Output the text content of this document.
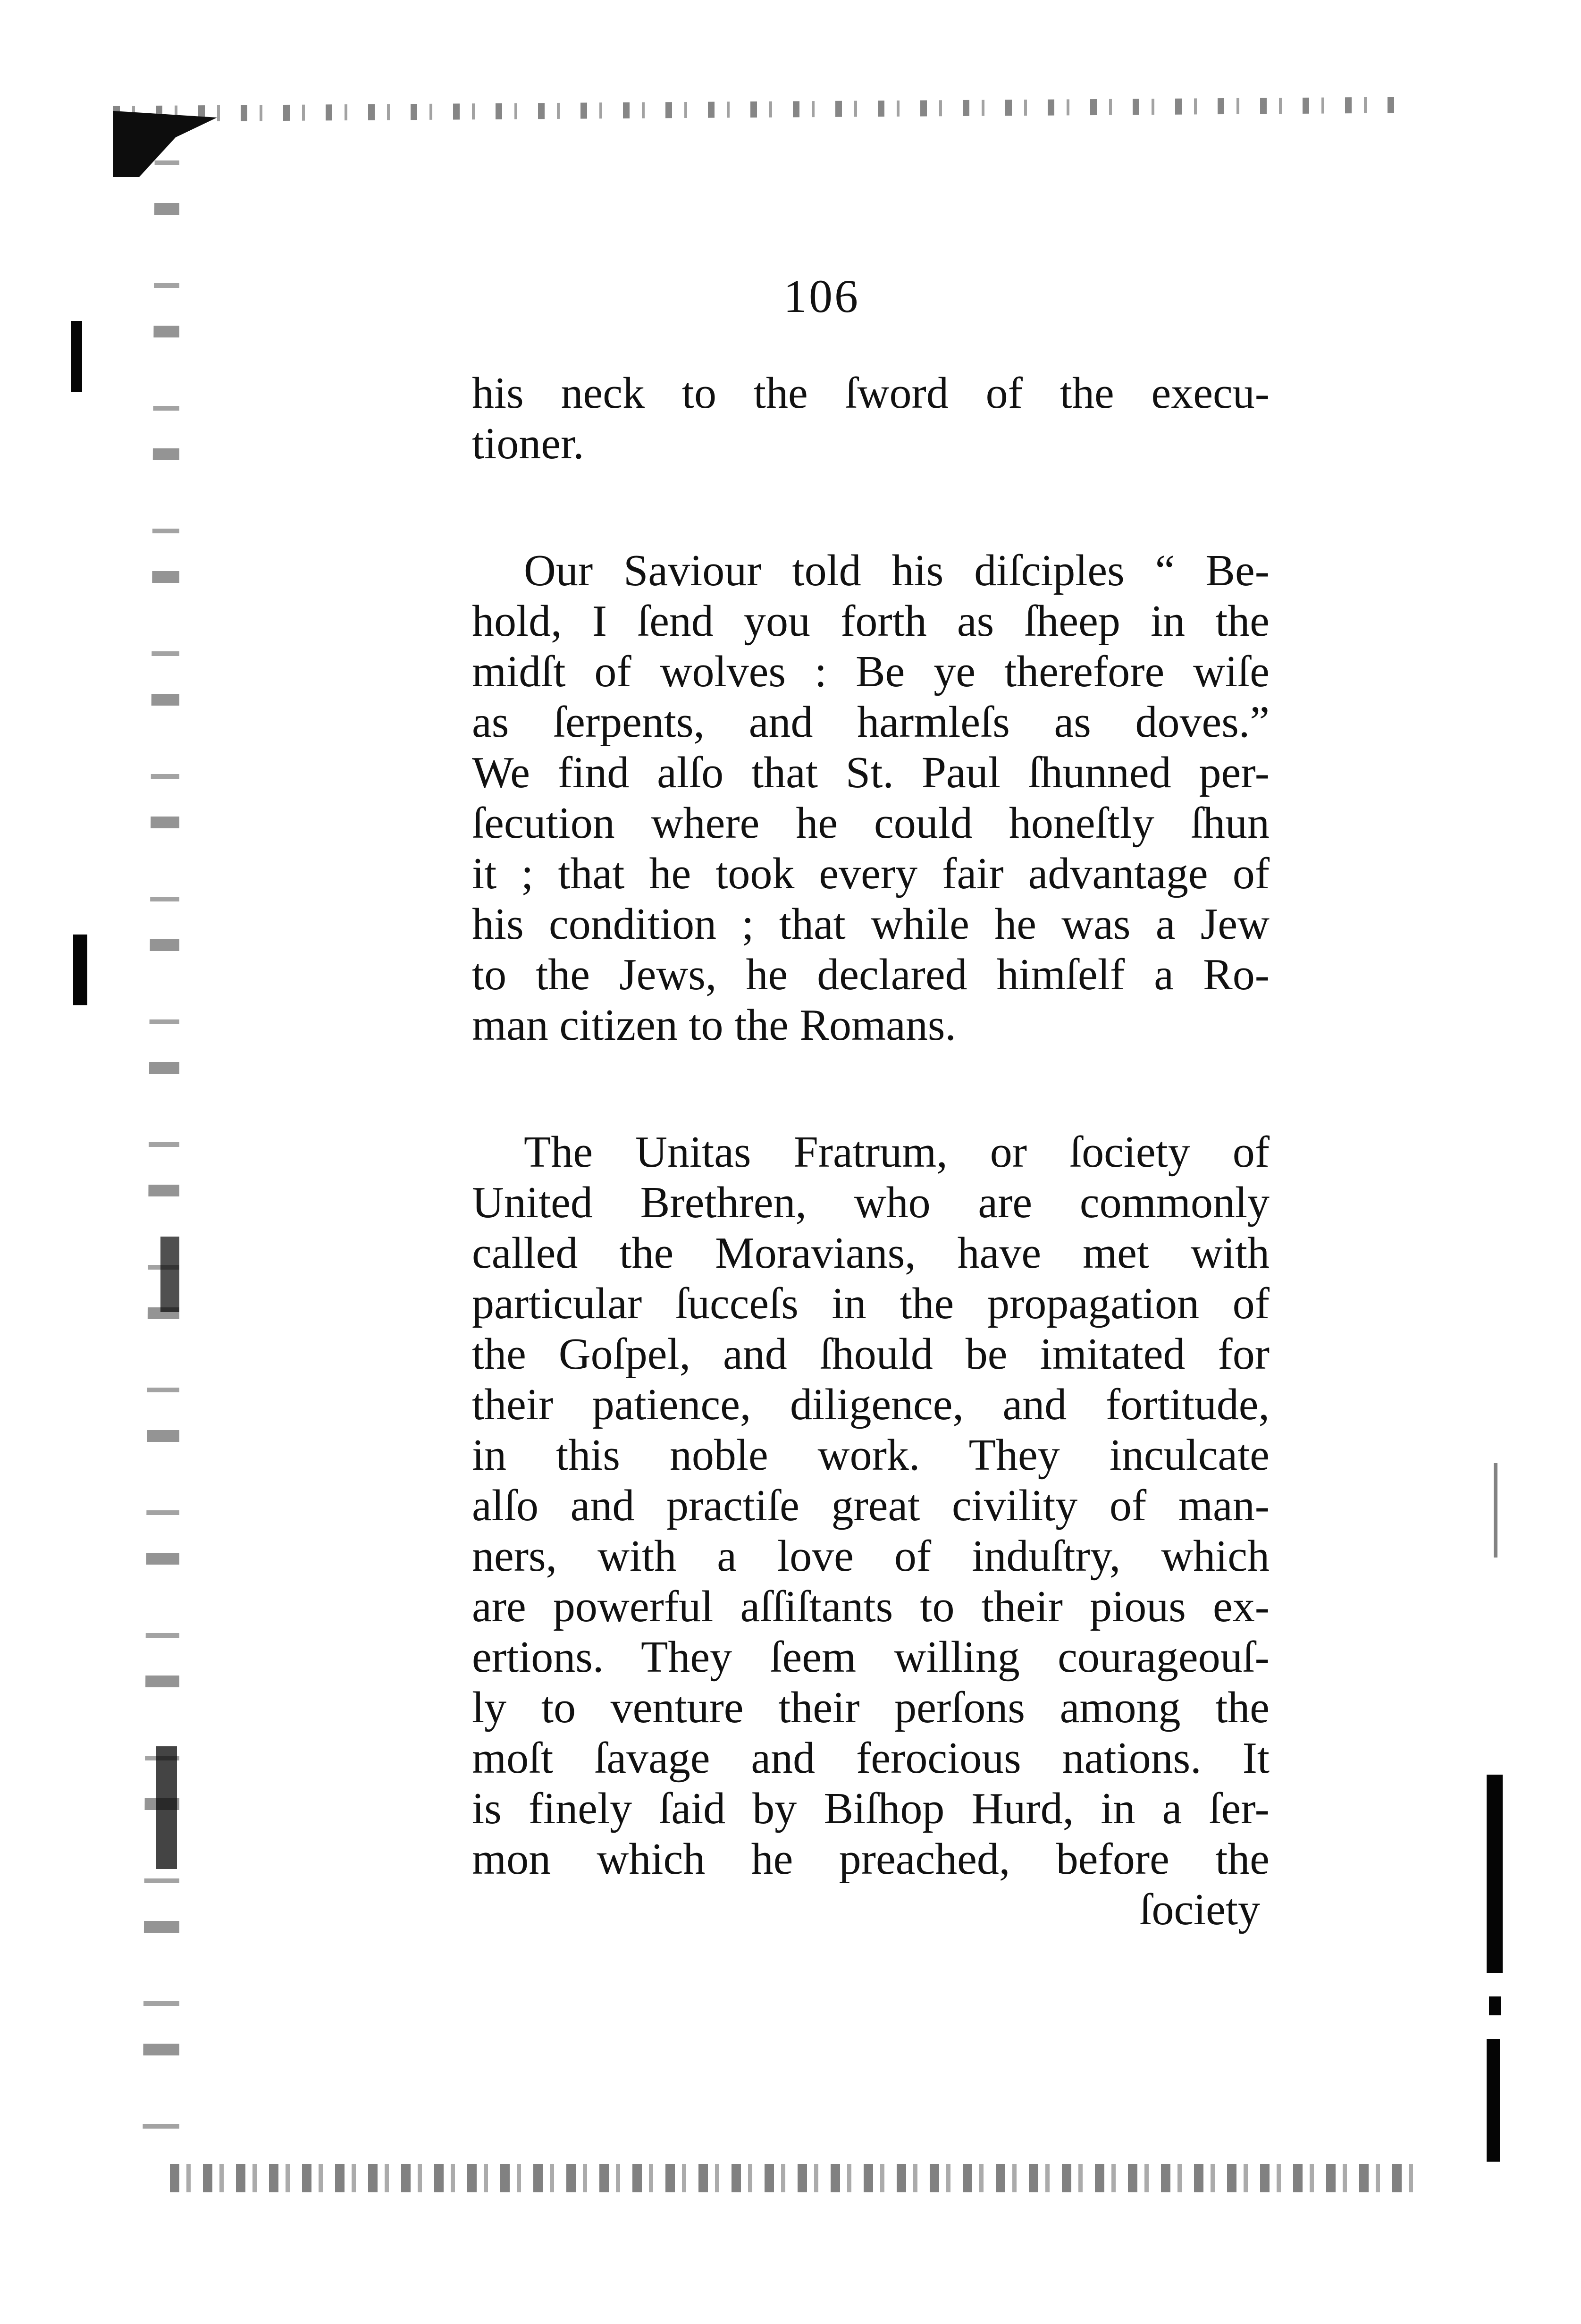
106
his neck to the ſword of the execu-
tioner.
Our Saviour told his diſciples “ Be-
hold, I ſend you forth as ſheep in the
midſt of wolves : Be ye therefore wiſe
as ſerpents, and harmleſs as doves.”
We find alſo that St. Paul ſhunned per-
ſecution where he could honeſtly ſhun
it ; that he took every fair advantage of
his condition ; that while he was a Jew
to the Jews, he declared himſelf a Ro-
man citizen to the Romans.
The Unitas Fratrum, or ſociety of
United Brethren, who are commonly
called the Moravians, have met with
particular ſucceſs in the propagation of
the Goſpel, and ſhould be imitated for
their patience, diligence, and fortitude,
in this noble work. They inculcate
alſo and practiſe great civility of man-
ners, with a love of induſtry, which
are powerful aſſiſtants to their pious ex-
ertions. They ſeem willing courageouſ-
ly to venture their perſons among the
moſt ſavage and ferocious nations. It
is finely ſaid by Biſhop Hurd, in a ſer-
mon which he preached, before the
ſociety
